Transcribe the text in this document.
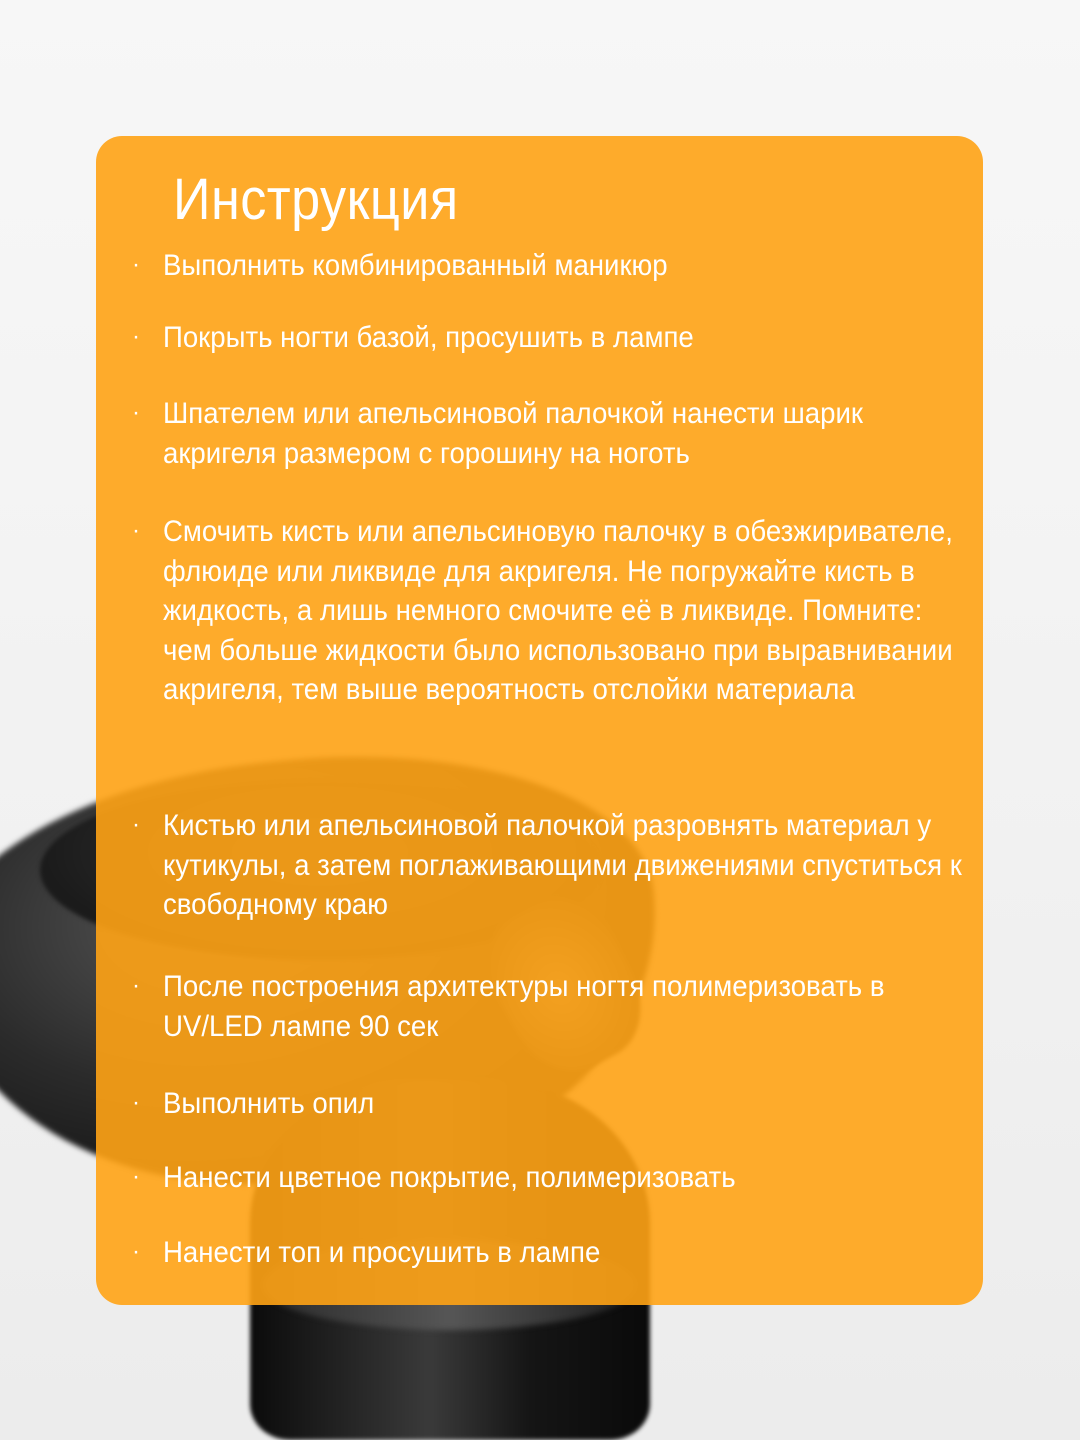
Инструкция
· Выполнить комбинированный маникюр
· Покрыть ногти базой, просушить в лампе
· Шпателем или апельсиновой палочкой нанести шарик акригеля размером с горошину на ноготь
· Смочить кисть или апельсиновую палочку в обезжиривателе, флюиде или ликвиде для акригеля. Не погружайте кисть в жидкость, а лишь немного смочите её в ликвиде. Помните: чем больше жидкости было использовано при выравнивании акригеля, тем выше вероятность отслойки материала
· Кистью или апельсиновой палочкой разровнять материал у кутикулы, а затем поглаживающими движениями спуститься к свободному краю
· После построения архитектуры ногтя полимеризовать в UV/LED лампе 90 сек
· Выполнить опил
· Нанести цветное покрытие, полимеризовать
· Нанести топ и просушить в лампе
